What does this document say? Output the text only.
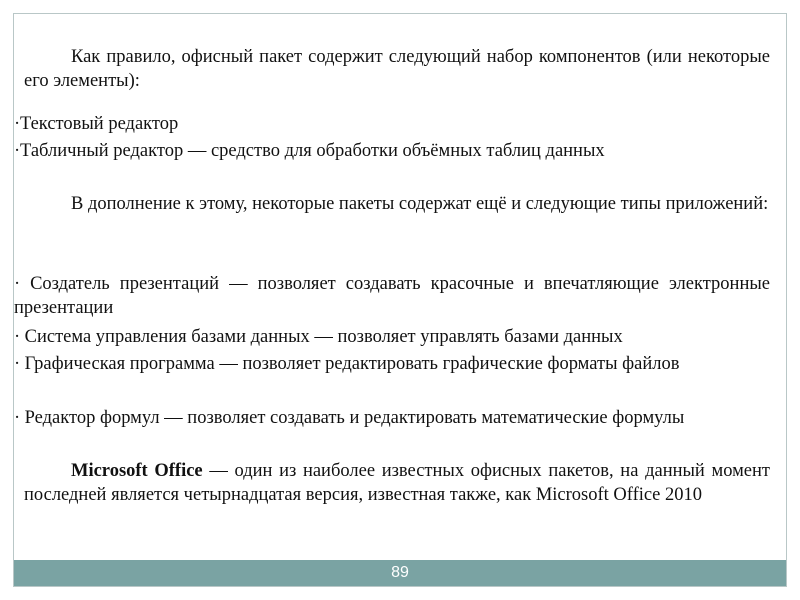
Как правило, офисный пакет содержит следующий набор компонентов (или некоторые его элементы):

·Текстовый редактор

·Табличный редактор — средство для обработки объёмных таблиц данных

В дополнение к этому, некоторые пакеты содержат ещё и следующие типы приложений:

· Создатель презентаций — позволяет создавать красочные и впечатляющие электронные презентации

· Система управления базами данных — позволяет управлять базами данных

· Графическая программа — позволяет редактировать графические форматы файлов

· Редактор формул — позволяет создавать и редактировать математические формулы

Microsoft Office — один из наиболее известных офисных пакетов, на данный момент последней является четырнадцатая версия, известная также, как Microsoft Office 2010

89
